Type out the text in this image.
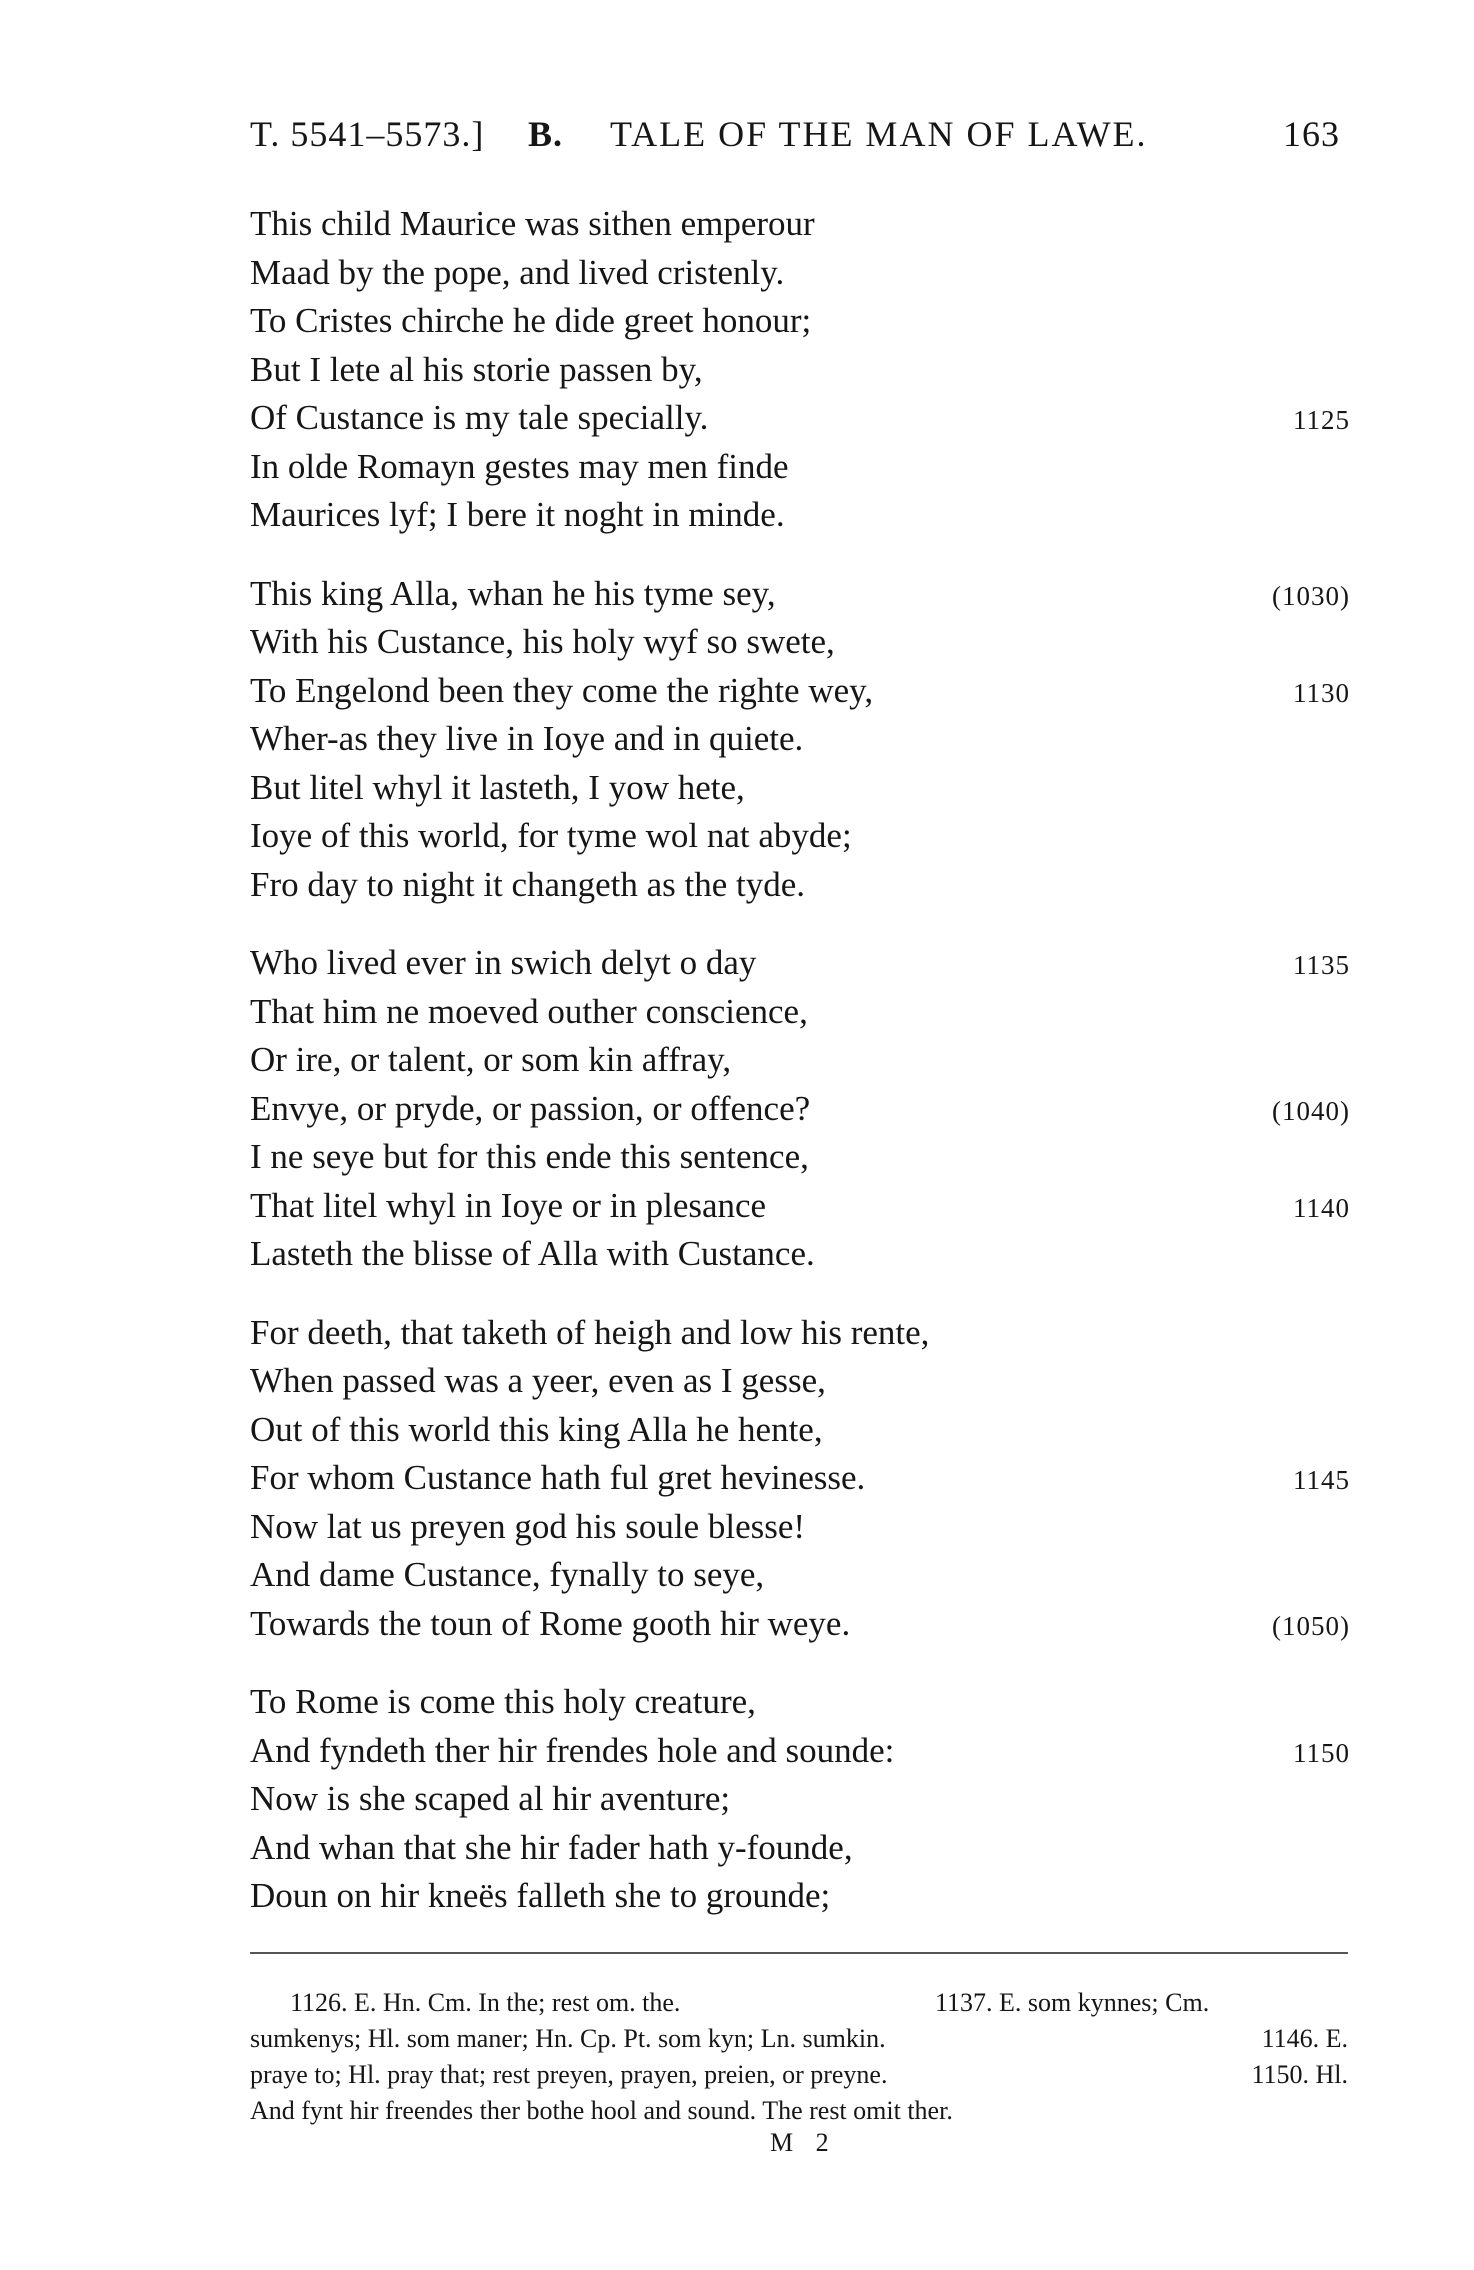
T. 5541–5573.] B. TALE OF THE MAN OF LAWE.	163
This child Maurice was sithen emperour
Maad by the pope, and lived cristenly.
To Cristes chirche he dide greet honour;
But I lete al his storie passen by,
Of Custance is my tale specially.	1125
In olde Romayn gestes may men finde
Maurices lyf; I bere it noght in minde.
This king Alla, whan he his tyme sey,	(1030)
With his Custance, his holy wyf so swete,
To Engelond been they come the righte wey,	1130
Wher-as they live in Ioye and in quiete.
But litel whyl it lasteth, I yow hete,
Ioye of this world, for tyme wol nat abyde;
Fro day to night it changeth as the tyde.
Who lived ever in swich delyt o day	1135
That him ne moeved outher conscience,
Or ire, or talent, or som kin affray,
Envye, or pryde, or passion, or offence?	(1040)
I ne seye but for this ende this sentence,
That litel whyl in Ioye or in plesance	1140
Lasteth the blisse of Alla with Custance.
For deeth, that taketh of heigh and low his rente,
When passed was a yeer, even as I gesse,
Out of this world this king Alla he hente,
For whom Custance hath ful gret hevinesse.	1145
Now lat us preyen god his soule blesse!
And dame Custance, fynally to seye,
Towards the toun of Rome gooth hir weye.	(1050)
To Rome is come this holy creature,
And fyndeth ther hir frendes hole and sounde:	1150
Now is she scaped al hir aventure;
And whan that she hir fader hath y-founde,
Doun on hir kneës falleth she to grounde;
1126. E. Hn. Cm. In the; rest om. the.	1137. E. som kynnes; Cm.
sumkenys; Hl. som maner; Hn. Cp. Pt. som kyn; Ln. sumkin.	1146. E.
praye to; Hl. pray that; rest preyen, prayen, preien, or preyne.	1150. Hl.
And fynt hir freendes ther bothe hool and sound. The rest omit ther.
M 2
